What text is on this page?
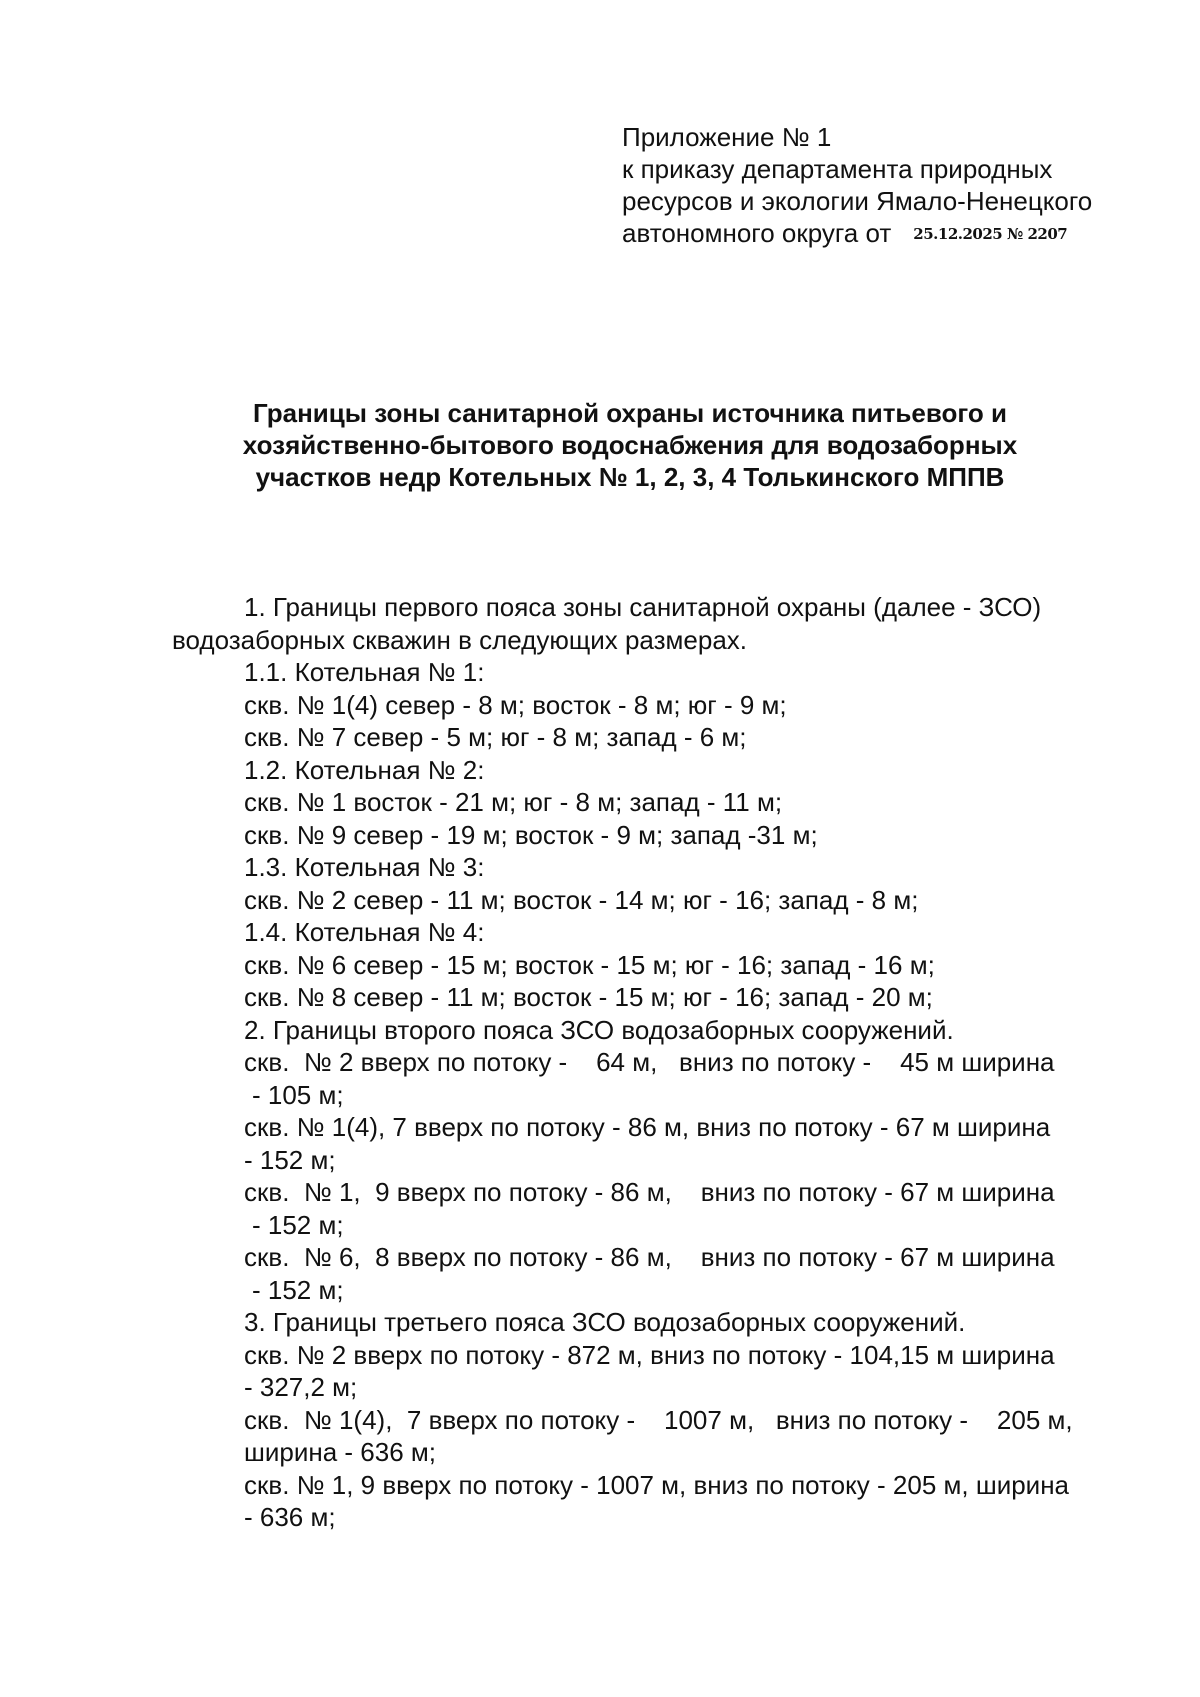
Приложение № 1
к приказу департамента природных
ресурсов и экологии Ямало-Ненецкого
автономного округа от 25.12.2025 № 2207
Границы зоны санитарной охраны источника питьевого и
хозяйственно-бытового водоснабжения для водозаборных
участков недр Котельных № 1, 2, 3, 4 Толькинского МППВ
1. Границы первого пояса зоны санитарной охраны (далее - ЗСО)
водозаборных скважин в следующих размерах.
1.1. Котельная № 1:
скв. № 1(4) север - 8 м; восток - 8 м; юг - 9 м;
скв. № 7 север - 5 м; юг - 8 м; запад - 6 м;
1.2. Котельная № 2:
скв. № 1 восток - 21 м; юг - 8 м; запад - 11 м;
скв. № 9 север - 19 м; восток - 9 м; запад -31 м;
1.3. Котельная № 3:
скв. № 2 север - 11 м; восток - 14 м; юг - 16; запад - 8 м;
1.4. Котельная № 4:
скв. № 6 север - 15 м; восток - 15 м; юг - 16; запад - 16 м;
скв. № 8 север - 11 м; восток - 15 м; юг - 16; запад - 20 м;
2. Границы второго пояса ЗСО водозаборных сооружений.
скв.  № 2 вверх по потоку -    64 м,   вниз по потоку -    45 м ширина
- 105 м;
скв. № 1(4), 7 вверх по потоку - 86 м, вниз по потоку - 67 м ширина
- 152 м;
скв.  № 1,  9 вверх по потоку - 86 м,    вниз по потоку - 67 м ширина
- 152 м;
скв.  № 6,  8 вверх по потоку - 86 м,    вниз по потоку - 67 м ширина
- 152 м;
3. Границы третьего пояса ЗСО водозаборных сооружений.
скв. № 2 вверх по потоку - 872 м, вниз по потоку - 104,15 м ширина
- 327,2 м;
скв.  № 1(4),  7 вверх по потоку -    1007 м,   вниз по потоку -    205 м,
ширина - 636 м;
скв. № 1, 9 вверх по потоку - 1007 м, вниз по потоку - 205 м, ширина
- 636 м;
